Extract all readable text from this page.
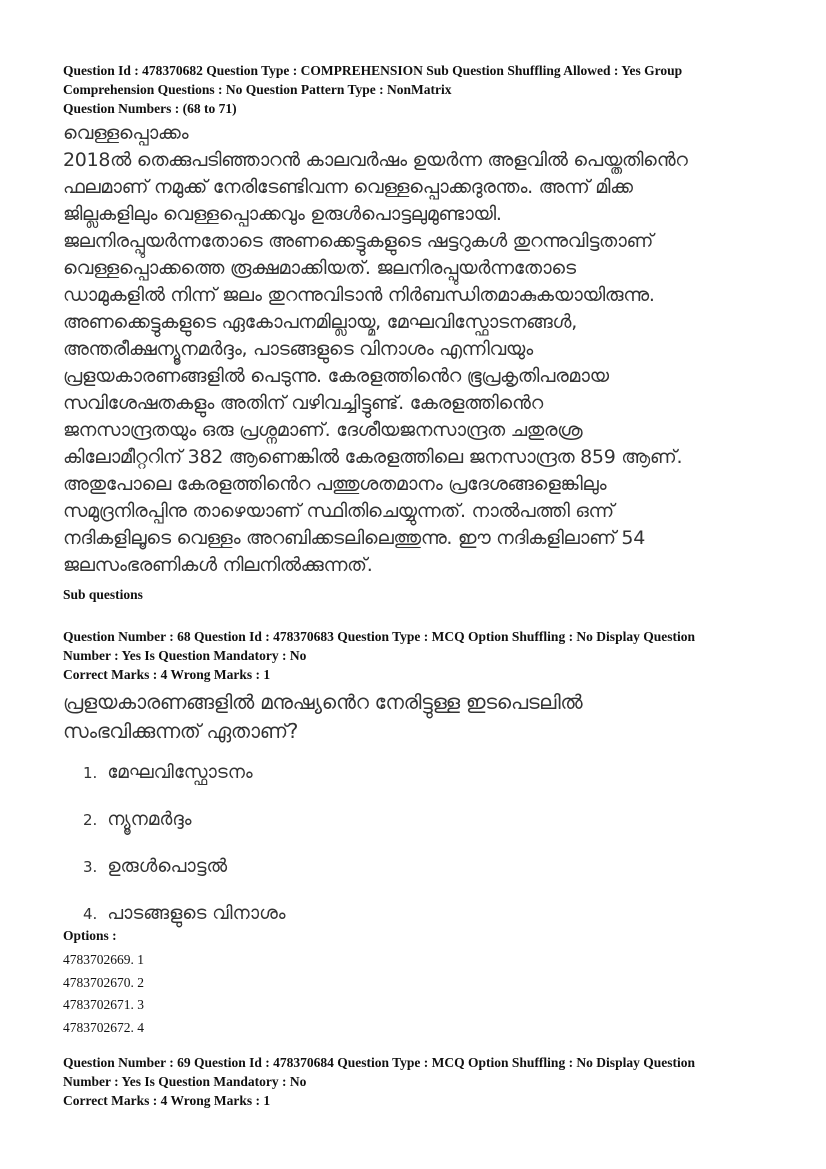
Question Id : 478370682 Question Type : COMPREHENSION Sub Question Shuffling Allowed : Yes Group

Comprehension Questions : No Question Pattern Type : NonMatrix

Question Numbers : (68 to 71)

വെള്ളപ്പൊക്കം

2018ൽ തെക്കുപടിഞ്ഞാറൻ കാലവർഷം ഉയർന്ന അളവിൽ പെയ്തതിൻെറ

ഫലമാണ് നമുക്ക് നേരിടേണ്ടിവന്ന വെള്ളപ്പൊക്കദുരന്തം. അന്ന് മിക്ക

ജില്ലകളിലും വെള്ളപ്പൊക്കവും ഉരുൾപൊട്ടലുമുണ്ടായി.

ജലനിരപ്പുയർന്നതോടെ അണക്കെട്ടുകളുടെ ഷട്ടറുകൾ തുറന്നുവിട്ടതാണ്

വെള്ളപ്പൊക്കത്തെ രൂക്ഷമാക്കിയത്. ജലനിരപ്പുയർന്നതോടെ

ഡാമുകളിൽ നിന്ന് ജലം തുറന്നുവിടാൻ നിർബന്ധിതമാകുകയായിരുന്നു.

അണക്കെട്ടുകളുടെ ഏകോപനമില്ലായ്മ, മേഘവിസ്ഫോടനങ്ങൾ,

അന്തരീക്ഷന്യൂനമർദ്ദം, പാടങ്ങളുടെ വിനാശം എന്നിവയും

പ്രളയകാരണങ്ങളിൽ പെടുന്നു. കേരളത്തിൻെറ ഭൂപ്രകൃതിപരമായ

സവിശേഷതകളും അതിന് വഴിവച്ചിട്ടുണ്ട്. കേരളത്തിൻെറ

ജനസാന്ദ്രതയും ഒരു പ്രശ്നമാണ്. ദേശീയജനസാന്ദ്രത ചതുരശ്ര

കിലോമീറ്ററിന് 382 ആണെങ്കിൽ കേരളത്തിലെ ജനസാന്ദ്രത 859 ആണ്.

അതുപോലെ കേരളത്തിൻെറ പത്തുശതമാനം പ്രദേശങ്ങളെങ്കിലും

സമുദ്രനിരപ്പിനു താഴെയാണ് സ്ഥിതിചെയ്യുന്നത്. നാൽപത്തി ഒന്ന്

നദികളിലൂടെ വെള്ളം അറബിക്കടലിലെത്തുന്നു. ഈ നദികളിലാണ് 54

ജലസംഭരണികൾ നിലനിൽക്കുന്നത്.

Sub questions

Question Number : 68 Question Id : 478370683 Question Type : MCQ Option Shuffling : No Display Question

Number : Yes Is Question Mandatory : No

Correct Marks : 4 Wrong Marks : 1

പ്രളയകാരണങ്ങളിൽ മനുഷ്യൻെറ നേരിട്ടുള്ള ഇടപെടലിൽ

സംഭവിക്കുന്നത് ഏതാണ്?

1. മേഘവിസ്ഫോടനം
2. ന്യൂനമർദ്ദം
3. ഉരുൾപൊട്ടൽ
4. പാടങ്ങളുടെ വിനാശം

Options :

4783702669. 1
4783702670. 2
4783702671. 3
4783702672. 4

Question Number : 69 Question Id : 478370684 Question Type : MCQ Option Shuffling : No Display Question

Number : Yes Is Question Mandatory : No

Correct Marks : 4 Wrong Marks : 1
